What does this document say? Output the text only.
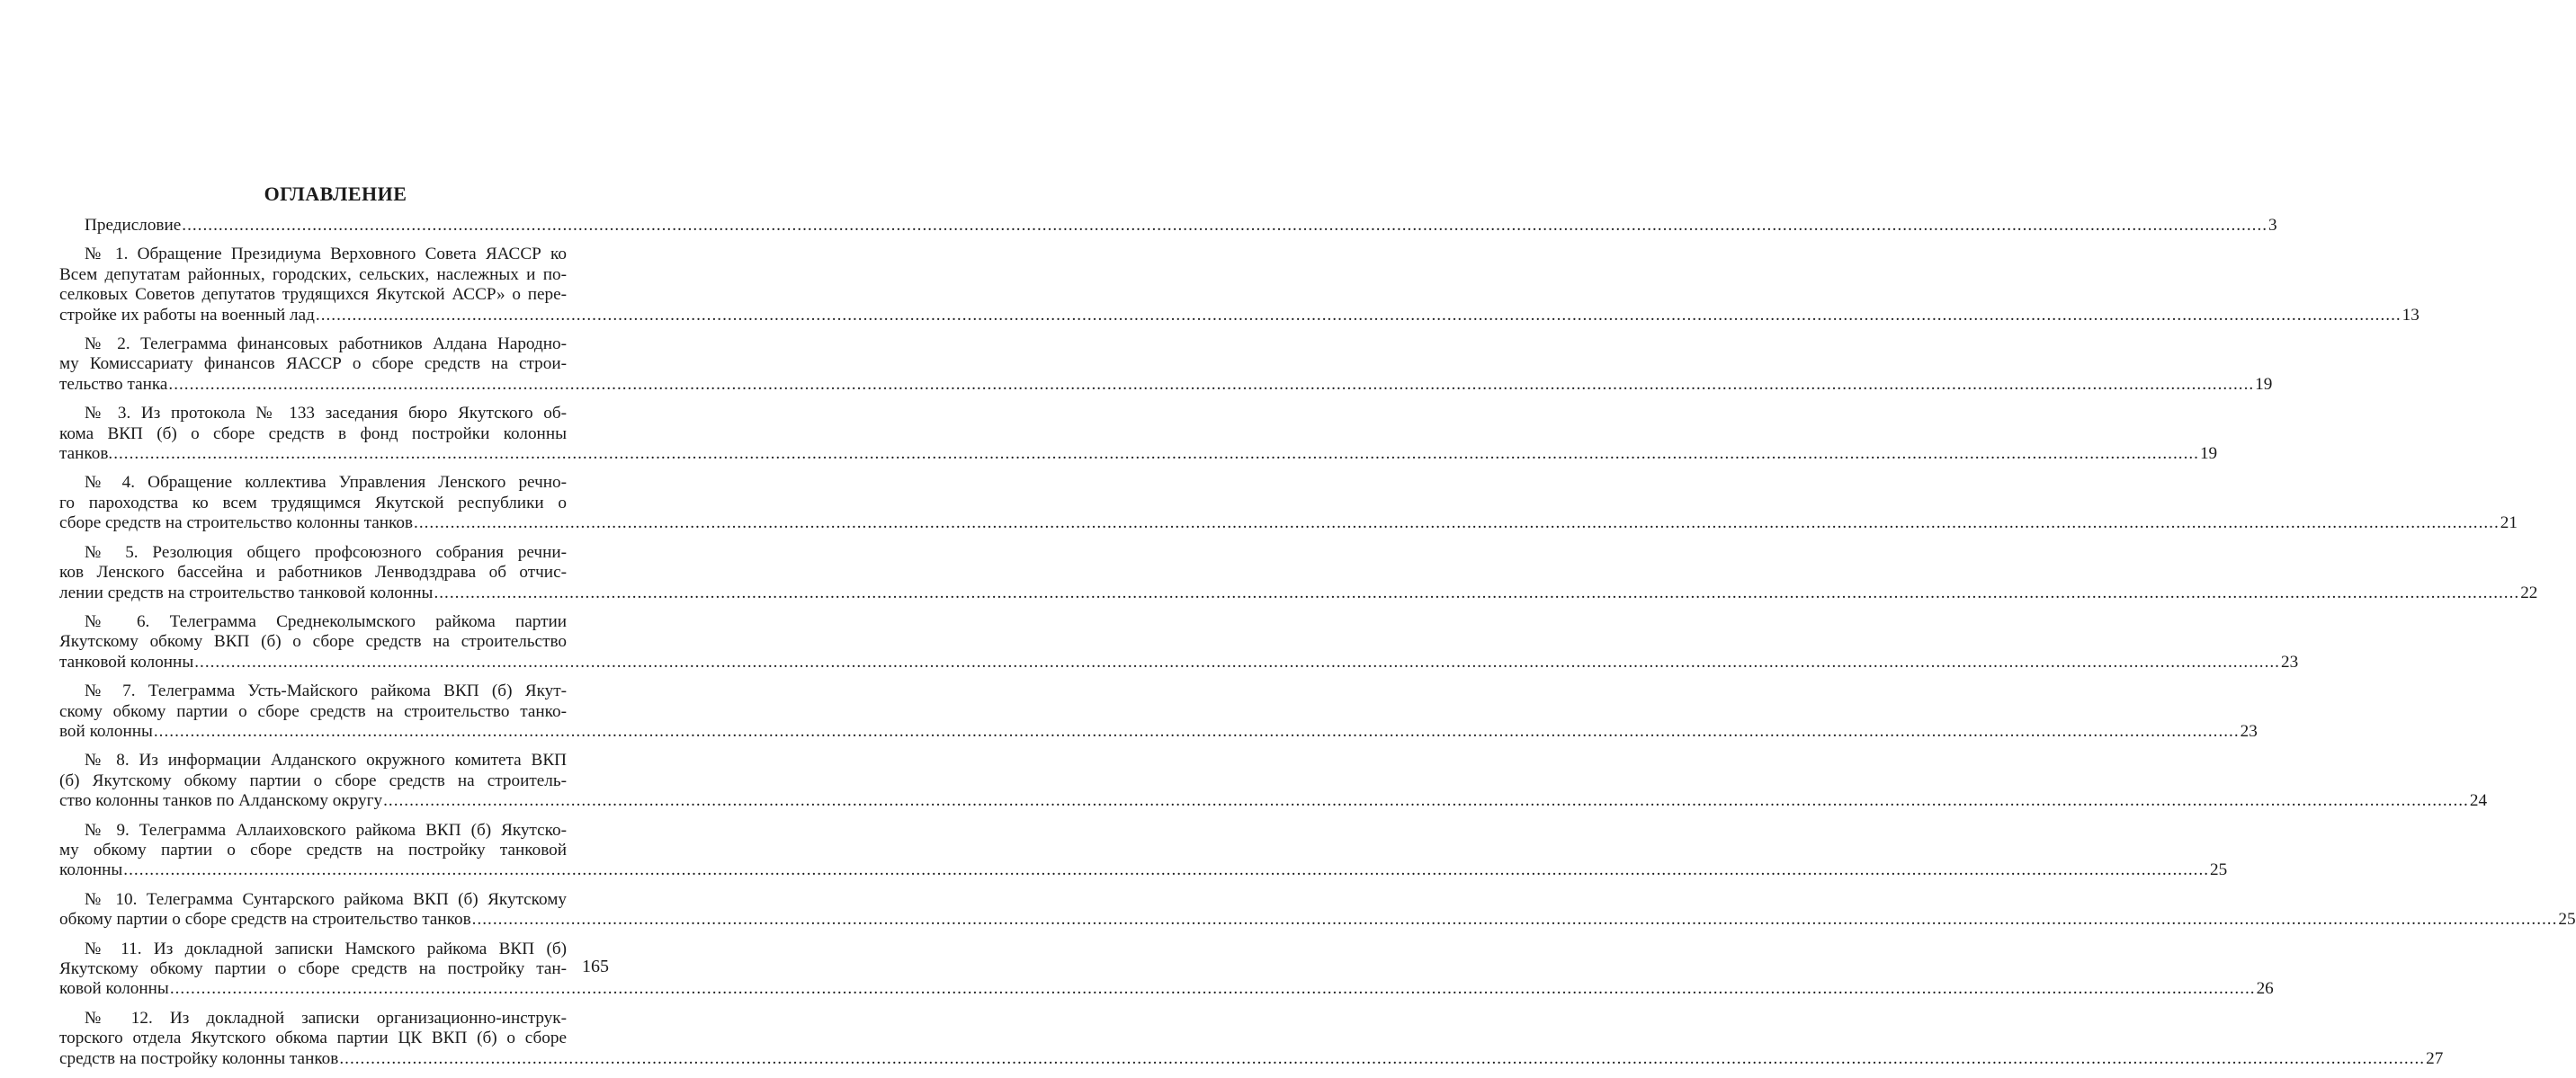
ОГЛАВЛЕНИЕ
Предисловие ................................................................................................................................................................................................................................................................................................................................................................................................................ 3
№ 1. Обращение Президиума Верховного Совета ЯАССР ко
Всем депутатам районных, городских, сельских, наслежных и по-
селковых Советов депутатов трудящихся Якутской АССР» о пере-
стройке их работы на военный лад ................................................................................................................................................................................................................................................................................................................................................................................................................ 13
№ 2. Телеграмма финансовых работников Алдана Народно-
му Комиссариату финансов ЯАССР о сборе средств на строи-
тельство танка ................................................................................................................................................................................................................................................................................................................................................................................................................ 19
№ 3. Из протокола № 133 заседания бюро Якутского об-
кома ВКП (б) о сборе средств в фонд постройки колонны
танков. ................................................................................................................................................................................................................................................................................................................................................................................................................ 19
№ 4. Обращение коллектива Управления Ленского речно-
го пароходства ко всем трудящимся Якутской республики о
сборе средств на строительство колонны танков ................................................................................................................................................................................................................................................................................................................................................................................................................ 21
№ 5. Резолюция общего профсоюзного собрания речни-
ков Ленского бассейна и работников Ленводздрава об отчис-
лении средств на строительство танковой колонны ................................................................................................................................................................................................................................................................................................................................................................................................................ 22
№ 6. Телеграмма Среднеколымского райкома партии
Якутскому обкому ВКП (б) о сборе средств на строительство
танковой колонны ................................................................................................................................................................................................................................................................................................................................................................................................................ 23
№ 7. Телеграмма Усть-Майского райкома ВКП (б) Якут-
скому обкому партии о сборе средств на строительство танко-
вой колонны ................................................................................................................................................................................................................................................................................................................................................................................................................ 23
№ 8. Из информации Алданского окружного комитета ВКП
(б) Якутскому обкому партии о сборе средств на строитель-
ство колонны танков по Алданскому округу ................................................................................................................................................................................................................................................................................................................................................................................................................ 24
№ 9. Телеграмма Аллаиховского райкома ВКП (б) Якутско-
му обкому партии о сборе средств на постройку танковой
колонны ................................................................................................................................................................................................................................................................................................................................................................................................................ 25
№ 10. Телеграмма Сунтарского райкома ВКП (б) Якутскому
обкому партии о сборе средств на строительство танков ................................................................................................................................................................................................................................................................................................................................................................................................................ 25
№ 11. Из докладной записки Намского райкома ВКП (б)
Якутскому обкому партии о сборе средств на постройку тан-
ковой колонны ................................................................................................................................................................................................................................................................................................................................................................................................................ 26
№ 12. Из докладной записки организационно-инструк-
торского отдела Якутского обкома партии ЦК ВКП (б) о сборе
средств на постройку колонны танков ................................................................................................................................................................................................................................................................................................................................................................................................................ 27
165
